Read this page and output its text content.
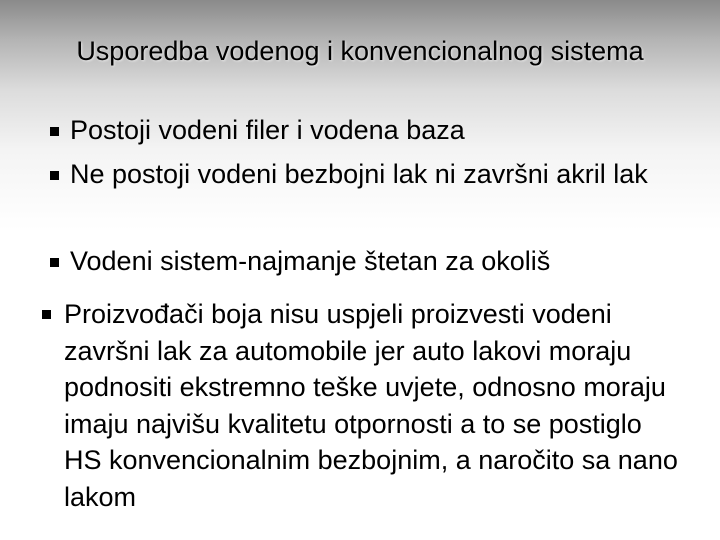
Usporedba vodenog i konvencionalnog sistema
Postoji vodeni filer i vodena baza
Ne postoji vodeni bezbojni lak ni završni akril lak
Vodeni sistem-najmanje štetan za okoliš
Proizvođači boja nisu uspjeli proizvesti vodeni završni lak za automobile jer auto lakovi moraju podnositi ekstremno teške uvjete, odnosno moraju imaju najvišu kvalitetu otpornosti a to se postiglo HS konvencionalnim bezbojnim, a naročito sa nano lakom
